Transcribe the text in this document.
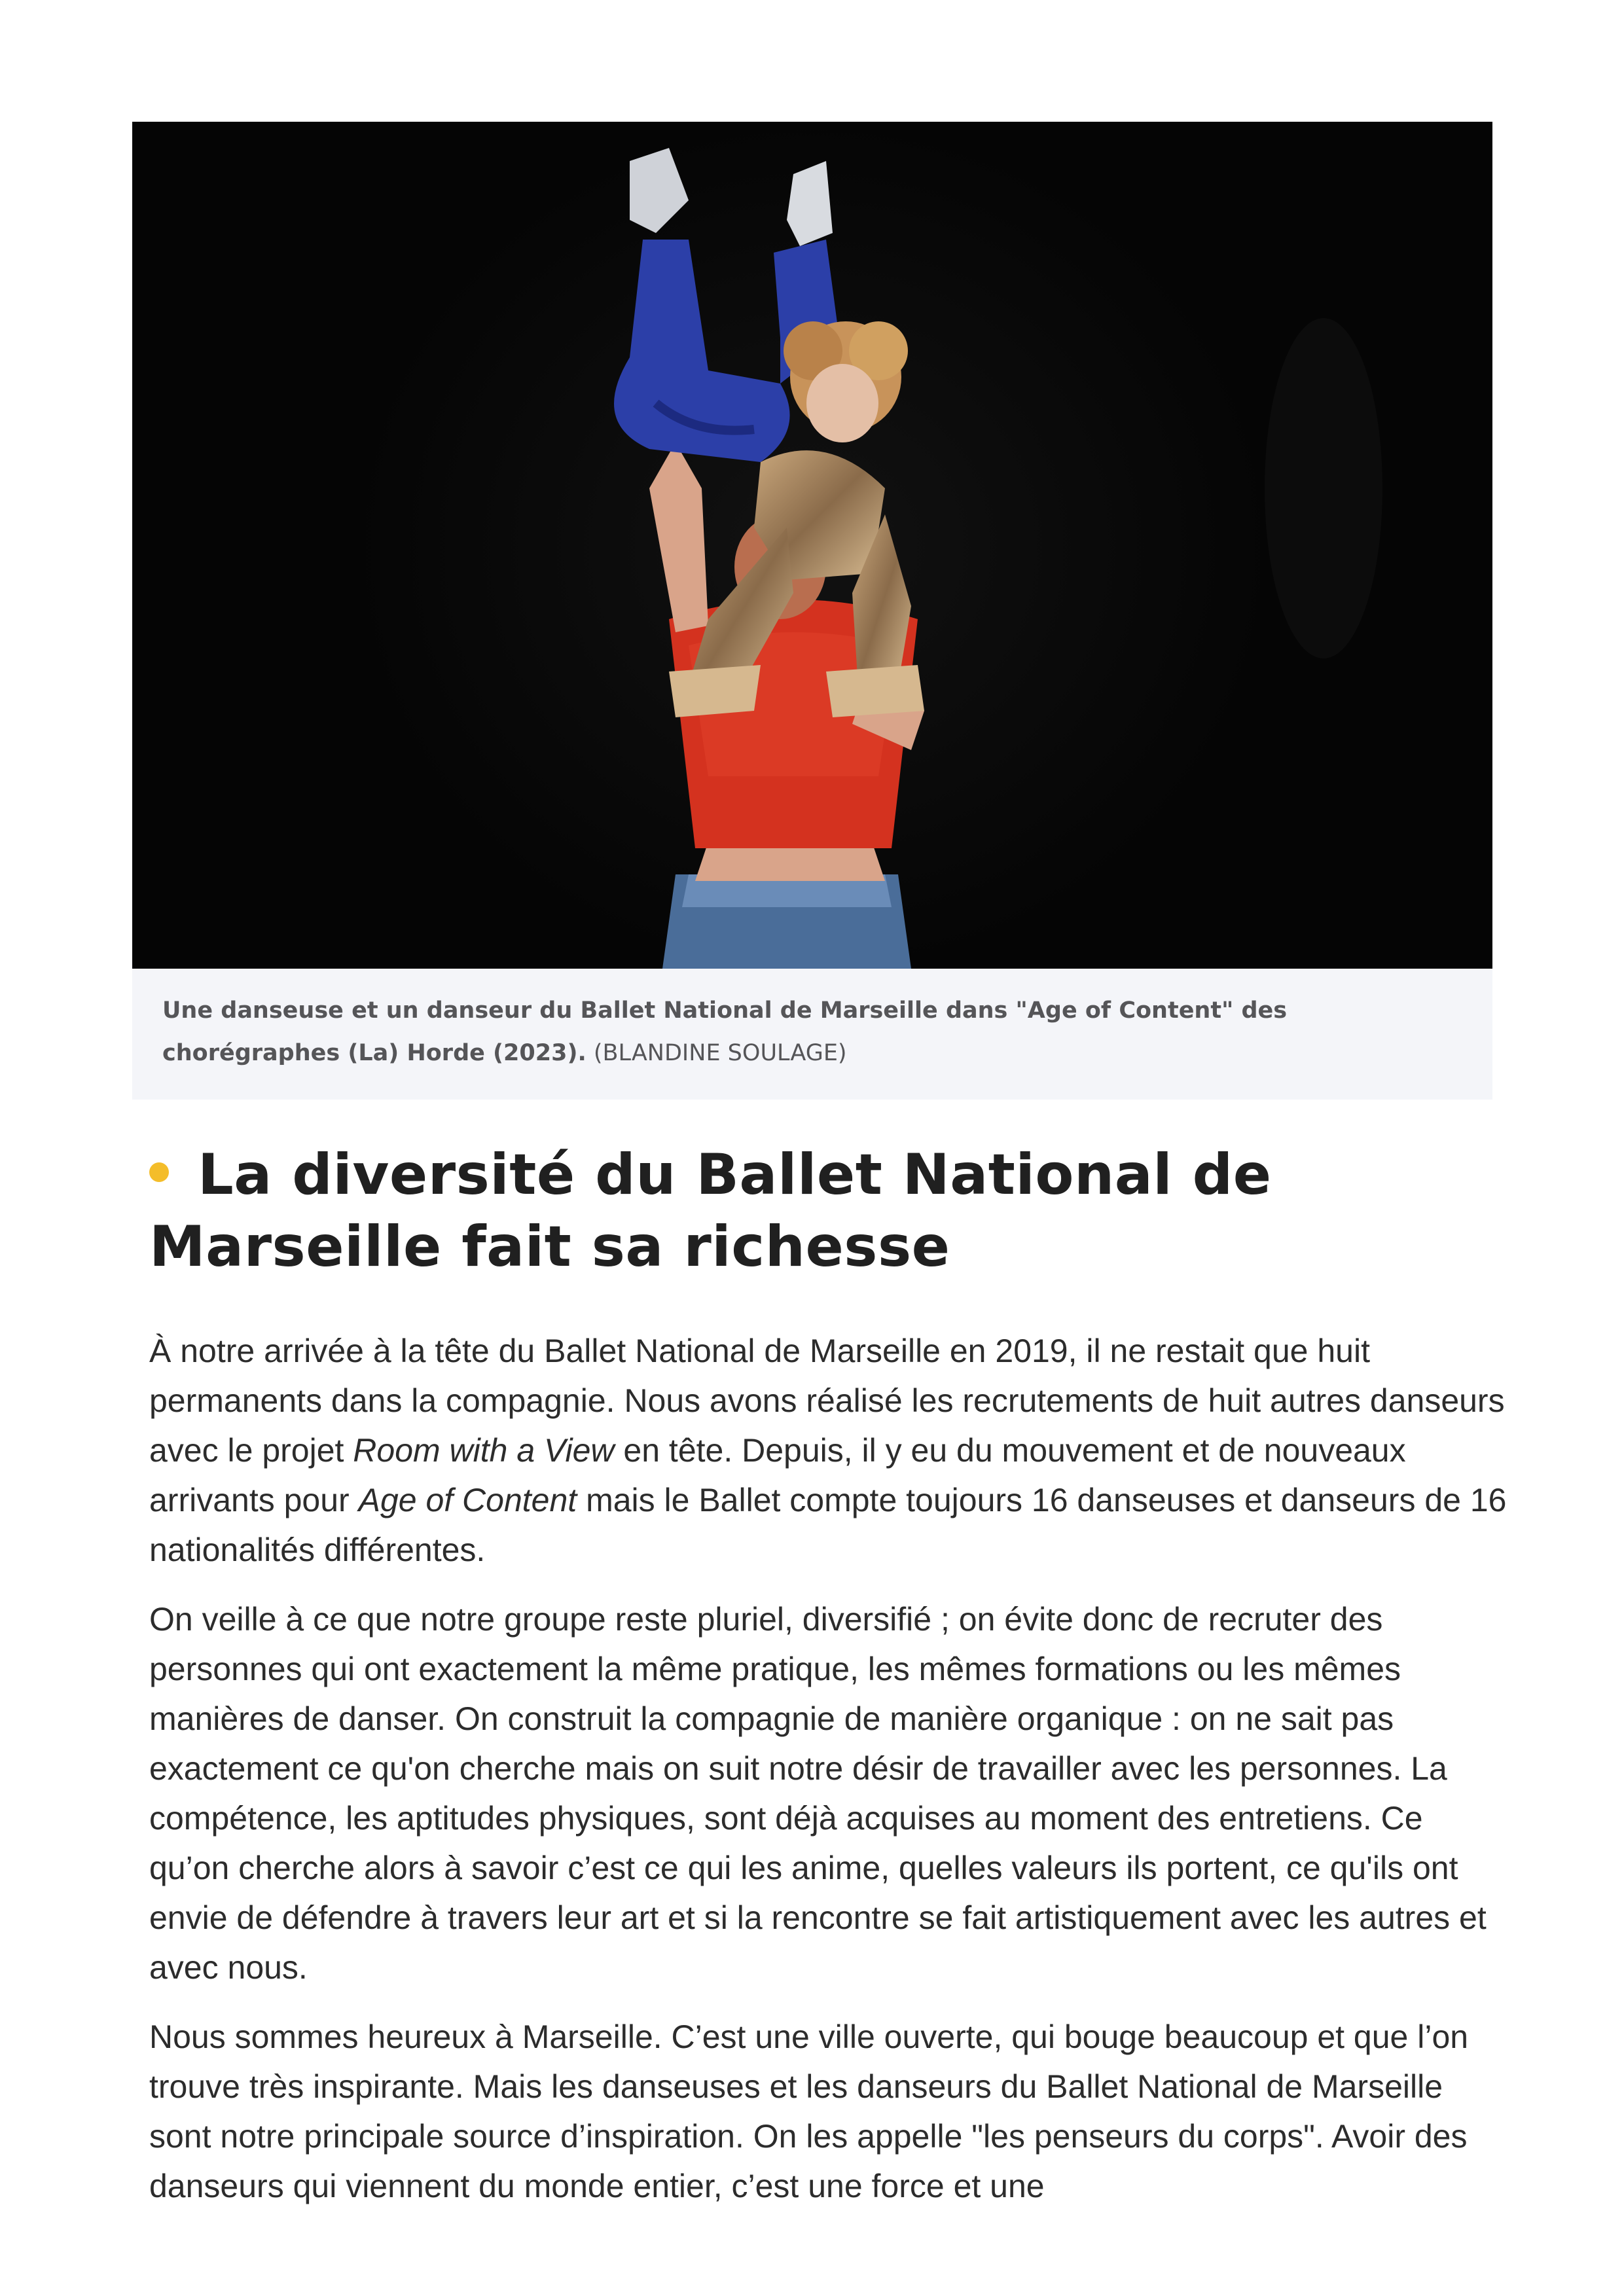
Une danseuse et un danseur du Ballet National de Marseille dans "Age of Content" des chorégraphes (La) Horde (2023). (BLANDINE SOULAGE)
La diversité du Ballet National de Marseille fait sa richesse

À notre arrivée à la tête du Ballet National de Marseille en 2019, il ne restait que huit permanents dans la compagnie. Nous avons réalisé les recrutements de huit autres danseurs avec le projet Room with a View en tête. Depuis, il y eu du mouvement et de nouveaux arrivants pour Age of Content mais le Ballet compte toujours 16 danseuses et danseurs de 16 nationalités différentes.

On veille à ce que notre groupe reste pluriel, diversifié ; on évite donc de recruter des personnes qui ont exactement la même pratique, les mêmes formations ou les mêmes manières de danser. On construit la compagnie de manière organique : on ne sait pas exactement ce qu'on cherche mais on suit notre désir de travailler avec les personnes. La compétence, les aptitudes physiques, sont déjà acquises au moment des entretiens. Ce qu’on cherche alors à savoir c’est ce qui les anime, quelles valeurs ils portent, ce qu'ils ont envie de défendre à travers leur art et si la rencontre se fait artistiquement avec les autres et avec nous.

Nous sommes heureux à Marseille. C’est une ville ouverte, qui bouge beaucoup et que l’on trouve très inspirante. Mais les danseuses et les danseurs du Ballet National de Marseille sont notre principale source d’inspiration. On les appelle "les penseurs du corps". Avoir des danseurs qui viennent du monde entier, c’est une force et une
